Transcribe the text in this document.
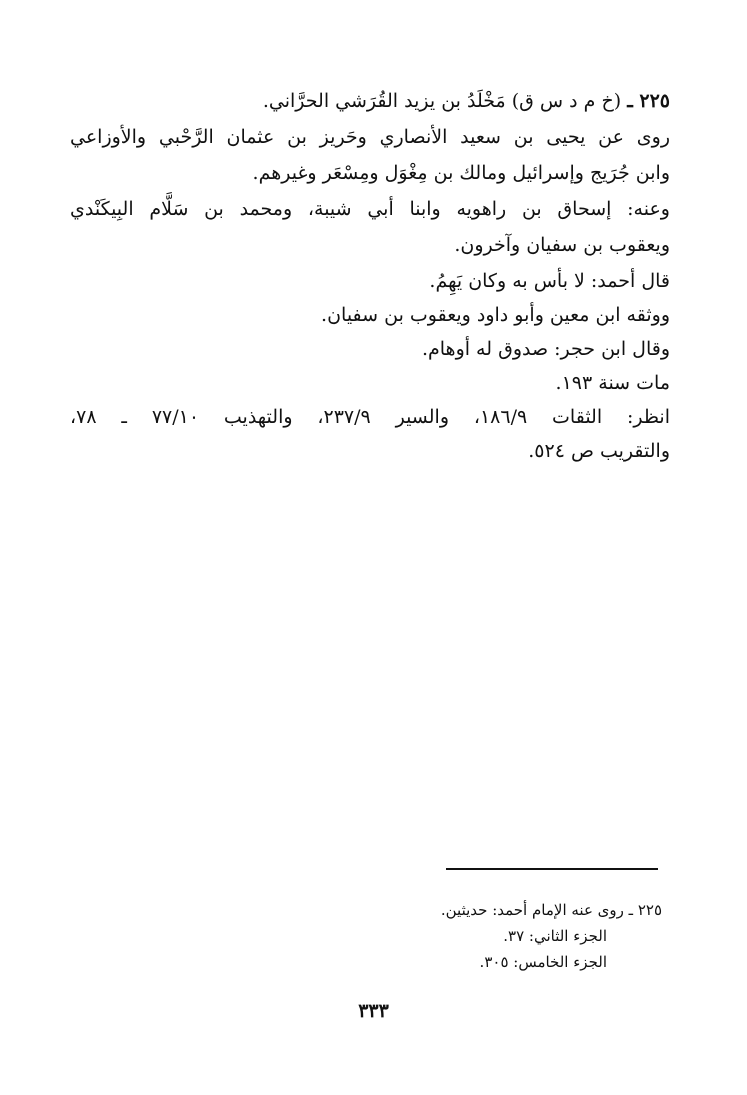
٢٢٥ ـ (خ م د س ق) مَخْلَدُ بن يزيد القُرَشي الحرَّاني.
روى عن يحيى بن سعيد الأنصاري وحَريز بن عثمان الرَّحْبي والأوزاعي
وابن جُرَيج وإسرائيل ومالك بن مِغْوَل ومِسْعَر وغيرهم.
وعنه: إسحاق بن راهويه وابنا أبي شيبة، ومحمد بن سَلَّام البِيكَنْدي
ويعقوب بن سفيان وآخرون.
قال أحمد: لا بأس به وكان يَهِمُ.
ووثقه ابن معين وأبو داود ويعقوب بن سفيان.
وقال ابن حجر: صدوق له أوهام.
مات سنة ١٩٣.
انظر: الثقات ١٨٦/٩، والسير ٢٣٧/٩، والتهذيب ٧٧/١٠ ـ ٧٨،
والتقريب ص ٥٢٤.
٢٢٥ ـ روى عنه الإمام أحمد: حديثين.
الجزء الثاني: ٣٧.
الجزء الخامس: ٣٠٥.
٣٣٣
